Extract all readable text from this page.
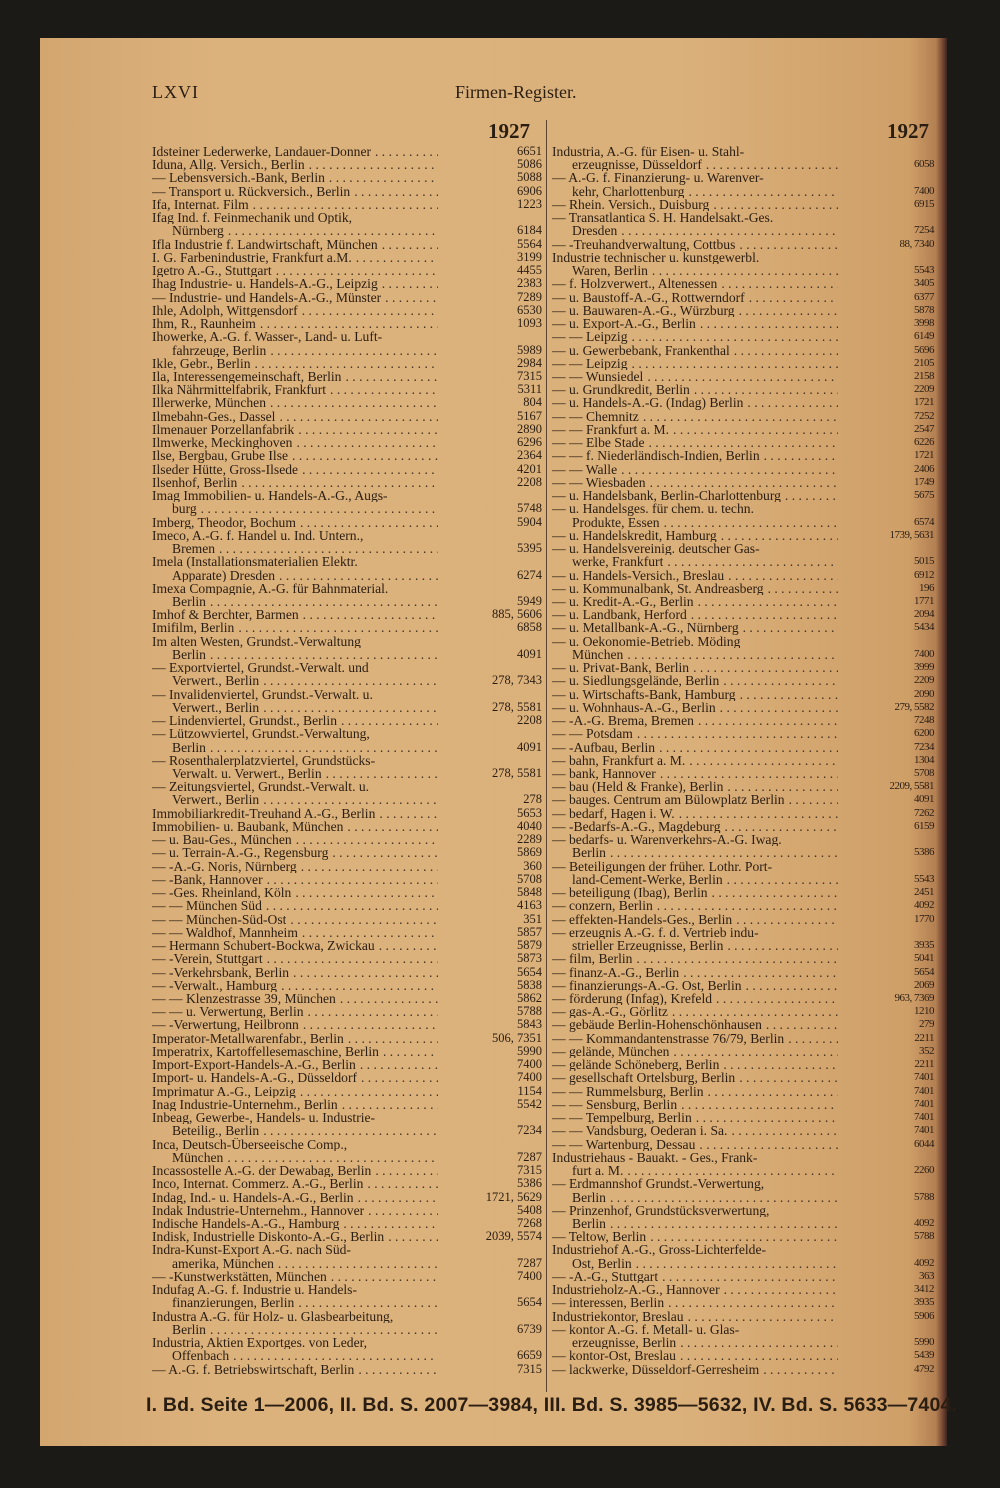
LXVI	Firmen-Register.
1927	1927
Idsteiner Lederwerke, Landauer-Donner . . .	6651
Iduna, Allg. Versich., Berlin . . .	5086
— Lebensversich.-Bank, Berlin . . .	5088
— Transport u. Rückversich., Berlin . . .	6906
Ifa, Internat. Film . . .	1223
Ifag Ind. f. Feinmechanik und Optik,
Nürnberg . . .	6184
Ifla Industrie f. Landwirtschaft, München . . .	5564
I. G. Farbenindustrie, Frankfurt a.M. . . .	3199
Igetro A.-G., Stuttgart . . .	4455
Ihag Industrie- u. Handels-A.-G., Leipzig . . .	2383
— Industrie- und Handels-A.-G., Münster . . .	7289
Ihle, Adolph, Wittgensdorf . . .	6530
Ihm, R., Raunheim . . .	1093
Ihowerke, A.-G. f. Wasser-, Land- u. Luft-
fahrzeuge, Berlin . . .	5989
Ikle, Gebr., Berlin . . .	2984
Ila, Interessengemeinschaft, Berlin . . .	7315
Ilka Nährmittelfabrik, Frankfurt . . .	5311
Illerwerke, München . . .	804
Ilmebahn-Ges., Dassel . . .	5167
Ilmenauer Porzellanfabrik . . .	2890
Ilmwerke, Meckinghoven . . .	6296
Ilse, Bergbau, Grube Ilse . . .	2364
Ilseder Hütte, Gross-Ilsede . . .	4201
Ilsenhof, Berlin . . .	2208
Imag Immobilien- u. Handels-A.-G., Augs-
burg . . .	5748
Imberg, Theodor, Bochum . . .	5904
Imeco, A.-G. f. Handel u. Ind. Untern.,
Bremen . . .	5395
Imela (Installationsmaterialien Elektr.
Apparate) Dresden . . .	6274
Imexa Compagnie, A.-G. für Bahnmaterial.
Berlin . . .	5949
Imhof & Berchter, Barmen . . .	885, 5606
Imifilm, Berlin . . .	6858
Im alten Westen, Grundst.-Verwaltung
Berlin . . .	4091
— Exportviertel, Grundst.-Verwalt. und
Verwert., Berlin . . .	278, 7343
— Invalidenviertel, Grundst.-Verwalt. u.
Verwert., Berlin . . .	278, 5581
— Lindenviertel, Grundst., Berlin . . .	2208
— Lützowviertel, Grundst.-Verwaltung,
Berlin . . .	4091
— Rosenthalerplatzviertel, Grundstücks-
Verwalt. u. Verwert., Berlin . . .	278, 5581
— Zeitungsviertel, Grundst.-Verwalt. u.
Verwert., Berlin . . .	278
Immobiliarkredit-Treuhand A.-G., Berlin . . .	5653
Immobilien- u. Baubank, München . . .	4040
— u. Bau-Ges., München . . .	2289
— u. Terrain-A.-G., Regensburg . . .	5869
— -A.-G. Noris, Nürnberg . . .	360
— -Bank, Hannover . . .	5708
— -Ges. Rheinland, Köln . . .	5848
— — München Süd . . .	4163
— — München-Süd-Ost . . .	351
— — Waldhof, Mannheim . . .	5857
— Hermann Schubert-Bockwa, Zwickau . . .	5879
— -Verein, Stuttgart . . .	5873
— -Verkehrsbank, Berlin . . .	5654
— -Verwalt., Hamburg . . .	5838
— — Klenzestrasse 39, München . . .	5862
— — u. Verwertung, Berlin . . .	5788
— -Verwertung, Heilbronn . . .	5843
Imperator-Metallwarenfabr., Berlin . . .	506, 7351
Imperatrix, Kartoffellesemaschine, Berlin . . .	5990
Import-Export-Handels-A.-G., Berlin . . .	7400
Import- u. Handels-A.-G., Düsseldorf . . .	7400
Imprimatur A.-G., Leipzig . . .	1154
Inag Industrie-Unternehm., Berlin . . .	5542
Inbeag, Gewerbe-, Handels- u. Industrie-
Beteilig., Berlin . . .	7234
Inca, Deutsch-Überseeische Comp.,
München . . .	7287
Incassostelle A.-G. der Dewabag, Berlin . . .	7315
Inco, Internat. Commerz. A.-G., Berlin . . .	5386
Indag, Ind.- u. Handels-A.-G., Berlin . . .	1721, 5629
Indak Industrie-Unternehm., Hannover . . .	5408
Indische Handels-A.-G., Hamburg . . .	7268
Indisk, Industrielle Diskonto-A.-G., Berlin . . .	2039, 5574
Indra-Kunst-Export A.-G. nach Süd-
amerika, München . . .	7287
— -Kunstwerkstätten, München . . .	7400
Indufag A.-G. f. Industrie u. Handels-
finanzierungen, Berlin . . .	5654
Industra A.-G. für Holz- u. Glasbearbeitung,
Berlin . . .	6739
Industria, Aktien Exportges. von Leder,
Offenbach . . .	6659
— A.-G. f. Betriebswirtschaft, Berlin . . .	7315
Industria, A.-G. für Eisen- u. Stahl-
erzeugnisse, Düsseldorf . . .	6058
— A.-G. f. Finanzierung- u. Warenver-
kehr, Charlottenburg . . .	7400
— Rhein. Versich., Duisburg . . .	6915
— Transatlantica S. H. Handelsakt.-Ges.
Dresden . . .	7254
— -Treuhandverwaltung, Cottbus . . .	88, 7340
Industrie technischer u. kunstgewerbl.
Waren, Berlin . . .	5543
— f. Holzverwert., Altenessen . . .	3405
— u. Baustoff-A.-G., Rottwerndorf . . .	6377
— u. Bauwaren-A.-G., Würzburg . . .	5878
— u. Export-A.-G., Berlin . . .	3998
— — Leipzig . . .	6149
— u. Gewerbebank, Frankenthal . . .	5696
— — Leipzig . . .	2105
— — Wunsiedel . . .	2158
— u. Grundkredit, Berlin . . .	2209
— u. Handels-A.-G. (Indag) Berlin . . .	1721
— — Chemnitz . . .	7252
— — Frankfurt a. M. . . .	2547
— — Elbe Stade . . .	6226
— — f. Niederländisch-Indien, Berlin . . .	1721
— — Walle . . .	2406
— — Wiesbaden . . .	1749
— u. Handelsbank, Berlin-Charlottenburg . . .	5675
— u. Handelsges. für chem. u. techn.
Produkte, Essen . . .	6574
— u. Handelskredit, Hamburg . . .	1739, 5631
— u. Handelsvereinig. deutscher Gas-
werke, Frankfurt . . .	5015
— u. Handels-Versich., Breslau . . .	6912
— u. Kommunalbank, St. Andreasberg . . .	196
— u. Kredit-A.-G., Berlin . . .	1771
— u. Landbank, Herford . . .	2094
— u. Metallbank-A.-G., Nürnberg . . .	5434
— u. Oekonomie-Betrieb. Möding
München . . .	7400
— u. Privat-Bank, Berlin . . .	3999
— u. Siedlungsgelände, Berlin . . .	2209
— u. Wirtschafts-Bank, Hamburg . . .	2090
— u. Wohnhaus-A.-G., Berlin . . .	279, 5582
— -A.-G. Brema, Bremen . . .	7248
— — Potsdam . . .	6200
— -Aufbau, Berlin . . .	7234
— bahn, Frankfurt a. M. . . .	1304
— bank, Hannover . . .	5708
— bau (Held & Franke), Berlin . . .	2209, 5581
— bauges. Centrum am Bülowplatz Berlin . . .	4091
— bedarf, Hagen i. W. . . .	7262
— -Bedarfs-A.-G., Magdeburg . . .	6159
— bedarfs- u. Warenverkehrs-A.-G. Iwag.
Berlin . . .	5386
— Beteiligungen der früher. Lothr. Port-
land-Cement-Werke, Berlin . . .	5543
— beteiligung (Ibag), Berlin . . .	2451
— conzern, Berlin . . .	4092
— effekten-Handels-Ges., Berlin . . .	1770
— erzeugnis A.-G. f. d. Vertrieb indu-
strieller Erzeugnisse, Berlin . . .	3935
— film, Berlin . . .	5041
— finanz-A.-G., Berlin . . .	5654
— finanzierungs-A.-G. Ost, Berlin . . .	2069
— förderung (Infag), Krefeld . . .	963, 7369
— gas-A.-G., Görlitz . . .	1210
— gebäude Berlin-Hohenschönhausen . . .	279
— — Kommandantenstrasse 76/79, Berlin . . .	2211
— gelände, München . . .	352
— gelände Schöneberg, Berlin . . .	2211
— gesellschaft Ortelsburg, Berlin . . .	7401
— — Rummelsburg, Berlin . . .	7401
— — Sensburg, Berlin . . .	7401
— — Tempelburg, Berlin . . .	7401
— — Vandsburg, Oederan i. Sa. . . .	7401
— — Wartenburg, Dessau . . .	6044
Industriehaus - Bauakt. - Ges., Frank-
furt a. M. . . .	2260
— Erdmannshof Grundst.-Verwertung,
Berlin . . .	5788
— Prinzenhof, Grundstücksverwertung,
Berlin . . .	4092
— Teltow, Berlin . . .	5788
Industriehof A.-G., Gross-Lichterfelde-
Ost, Berlin . . .	4092
— -A.-G., Stuttgart . . .	363
Industrieholz-A.-G., Hannover . . .	3412
— interessen, Berlin . . .	3935
Industriekontor, Breslau . . .	5906
— kontor A.-G. f. Metall- u. Glas-
erzeugnisse, Berlin . . .	5990
— kontor-Ost, Breslau . . .	5439
— lackwerke, Düsseldorf-Gerresheim . . .	4792
I. Bd. Seite 1—2006, II. Bd. S. 2007—3984, III. Bd. S. 3985—5632, IV. Bd. S. 5633—7404.
